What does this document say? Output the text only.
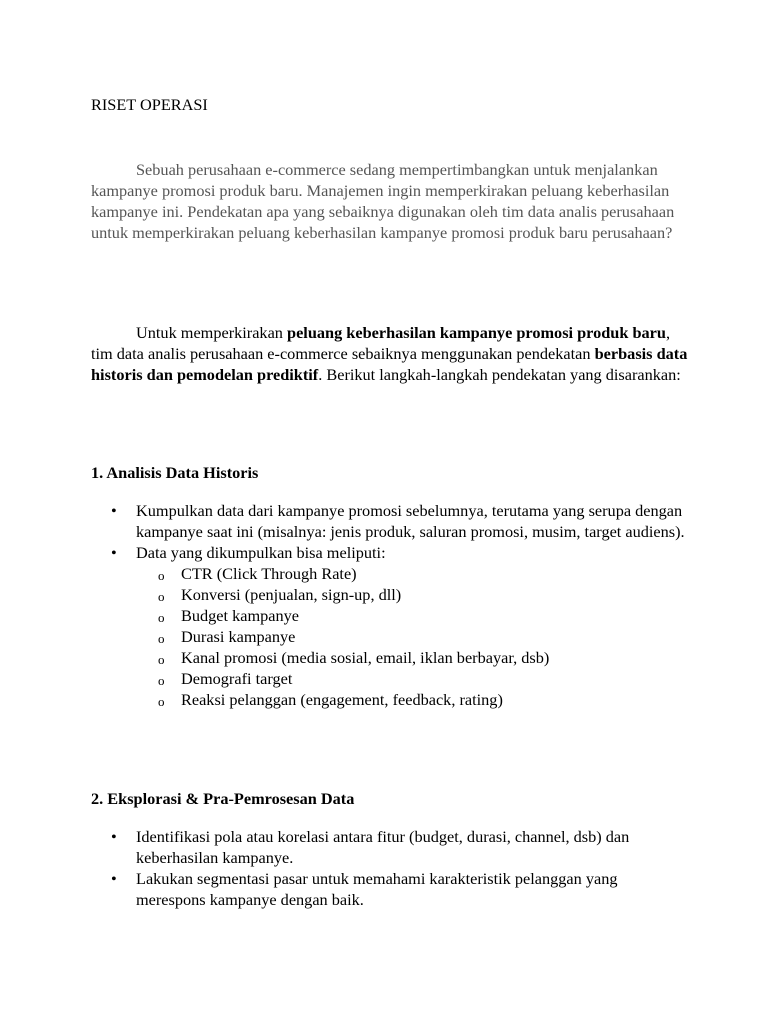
RISET OPERASI
Sebuah perusahaan e-commerce sedang mempertimbangkan untuk menjalankan kampanye promosi produk baru. Manajemen ingin memperkirakan peluang keberhasilan kampanye ini. Pendekatan apa yang sebaiknya digunakan oleh tim data analis perusahaan untuk memperkirakan peluang keberhasilan kampanye promosi produk baru perusahaan?
Untuk memperkirakan peluang keberhasilan kampanye promosi produk baru, tim data analis perusahaan e-commerce sebaiknya menggunakan pendekatan berbasis data historis dan pemodelan prediktif. Berikut langkah-langkah pendekatan yang disarankan:
1. Analisis Data Historis
• Kumpulkan data dari kampanye promosi sebelumnya, terutama yang serupa dengan kampanye saat ini (misalnya: jenis produk, saluran promosi, musim, target audiens).
• Data yang dikumpulkan bisa meliputi:
o CTR (Click Through Rate)
o Konversi (penjualan, sign-up, dll)
o Budget kampanye
o Durasi kampanye
o Kanal promosi (media sosial, email, iklan berbayar, dsb)
o Demografi target
o Reaksi pelanggan (engagement, feedback, rating)
2. Eksplorasi & Pra-Pemrosesan Data
• Identifikasi pola atau korelasi antara fitur (budget, durasi, channel, dsb) dan keberhasilan kampanye.
• Lakukan segmentasi pasar untuk memahami karakteristik pelanggan yang merespons kampanye dengan baik.
